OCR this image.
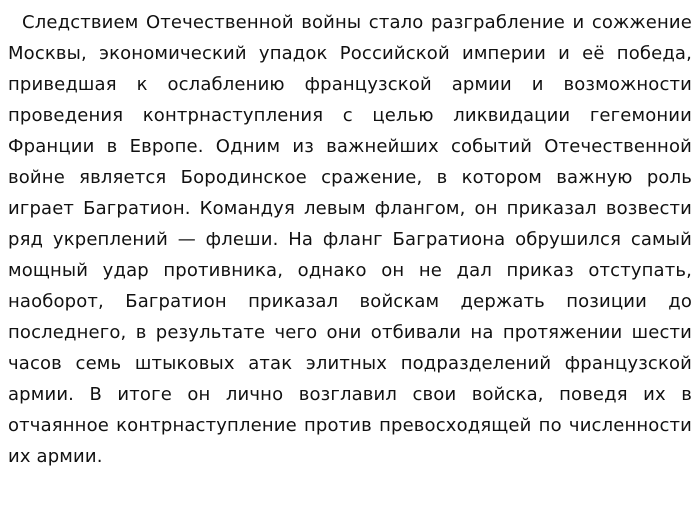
Следствием Отечественной войны стало разграбление и сожжение Москвы, экономический упадок Российской империи и её победа, приведшая к ослаблению французской армии и возможности проведения контрнаступления с целью ликвидации гегемонии Франции в Европе. Одним из важнейших событий Отечественной войне является Бородинское сражение, в котором важную роль играет Багратион. Командуя левым флангом, он приказал возвести ряд укреплений — флеши. На фланг Багратиона обрушился самый мощный удар противника, однако он не дал приказ отступать, наоборот, Багратион приказал войскам держать позиции до последнего, в результате чего они отбивали на протяжении шести часов семь штыковых атак элитных подразделений французской армии. В итоге он лично возглавил свои войска, поведя их в отчаянное контрнаступление против превосходящей по численности их армии.
